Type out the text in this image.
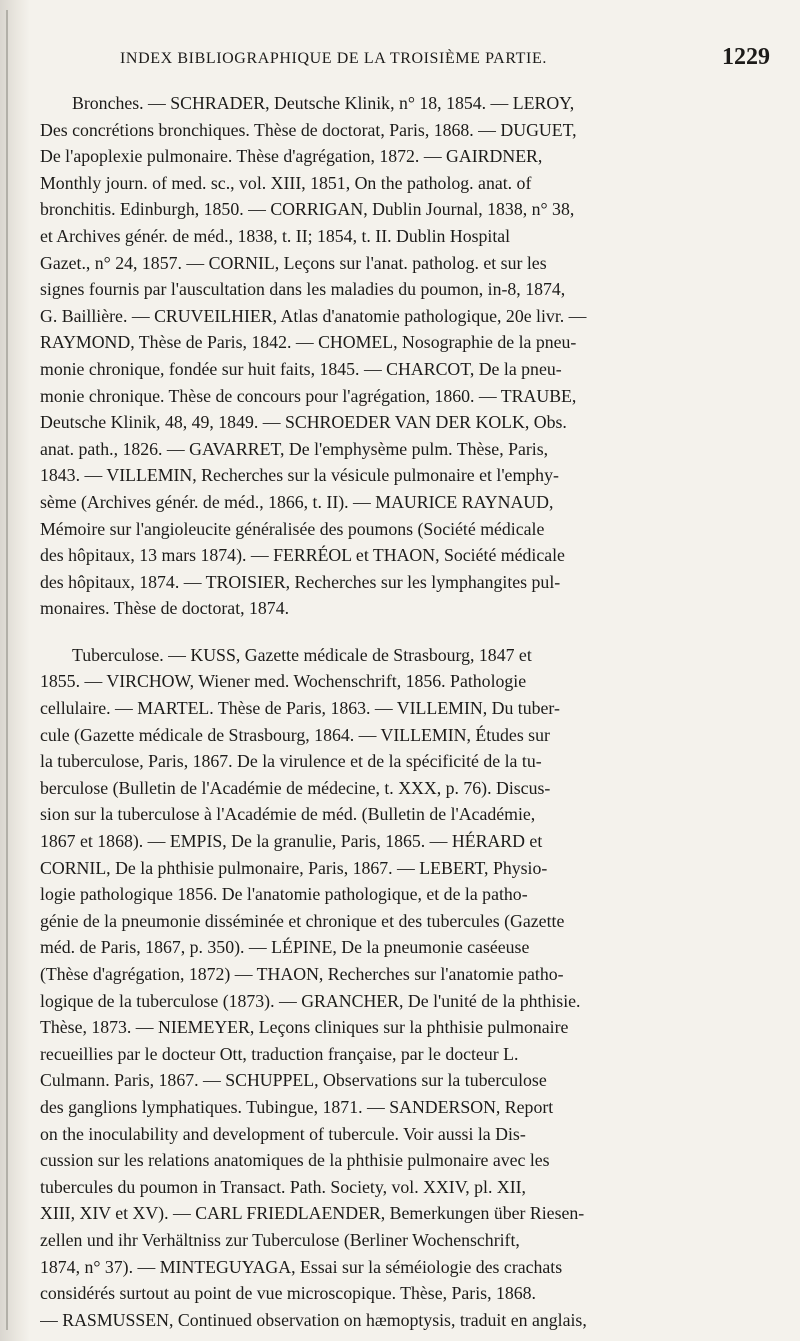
INDEX BIBLIOGRAPHIQUE DE LA TROISIÈME PARTIE.	1229
Bronches. — SCHRADER, Deutsche Klinik, n° 18, 1854. — LEROY,
Des concrétions bronchiques. Thèse de doctorat, Paris, 1868. — DUGUET,
De l'apoplexie pulmonaire. Thèse d'agrégation, 1872. — GAIRDNER,
Monthly journ. of med. sc., vol. XIII, 1851, On the patholog. anat. of
bronchitis. Edinburgh, 1850. — CORRIGAN, Dublin Journal, 1838, n° 38,
et Archives génér. de méd., 1838, t. II; 1854, t. II. Dublin Hospital
Gazet., n° 24, 1857. — CORNIL, Leçons sur l'anat. patholog. et sur les
signes fournis par l'auscultation dans les maladies du poumon, in-8, 1874,
G. Baillière. — CRUVEILHIER, Atlas d'anatomie pathologique, 20e livr. —
RAYMOND, Thèse de Paris, 1842. — CHOMEL, Nosographie de la pneu-
monie chronique, fondée sur huit faits, 1845. — CHARCOT, De la pneu-
monie chronique. Thèse de concours pour l'agrégation, 1860. — TRAUBE,
Deutsche Klinik, 48, 49, 1849. — SCHROEDER VAN DER KOLK, Obs.
anat. path., 1826. — GAVARRET, De l'emphysème pulm. Thèse, Paris,
1843. — VILLEMIN, Recherches sur la vésicule pulmonaire et l'emphy-
sème (Archives génér. de méd., 1866, t. II). — MAURICE RAYNAUD,
Mémoire sur l'angioleucite généralisée des poumons (Société médicale
des hôpitaux, 13 mars 1874). — FERRÉOL et THAON, Société médicale
des hôpitaux, 1874. — TROISIER, Recherches sur les lymphangites pul-
monaires. Thèse de doctorat, 1874.
Tuberculose. — KUSS, Gazette médicale de Strasbourg, 1847 et
1855. — VIRCHOW, Wiener med. Wochenschrift, 1856. Pathologie
cellulaire. — MARTEL. Thèse de Paris, 1863. — VILLEMIN, Du tuber-
cule (Gazette médicale de Strasbourg, 1864. — VILLEMIN, Études sur
la tuberculose, Paris, 1867. De la virulence et de la spécificité de la tu-
berculose (Bulletin de l'Académie de médecine, t. XXX, p. 76). Discus-
sion sur la tuberculose à l'Académie de méd. (Bulletin de l'Académie,
1867 et 1868). — EMPIS, De la granulie, Paris, 1865. — HÉRARD et
CORNIL, De la phthisie pulmonaire, Paris, 1867. — LEBERT, Physio-
logie pathologique 1856. De l'anatomie pathologique, et de la patho-
génie de la pneumonie disséminée et chronique et des tubercules (Gazette
méd. de Paris, 1867, p. 350). — LÉPINE, De la pneumonie caséeuse
(Thèse d'agrégation, 1872) — THAON, Recherches sur l'anatomie patho-
logique de la tuberculose (1873). — GRANCHER, De l'unité de la phthisie.
Thèse, 1873. — NIEMEYER, Leçons cliniques sur la phthisie pulmonaire
recueillies par le docteur Ott, traduction française, par le docteur L.
Culmann. Paris, 1867. — SCHUPPEL, Observations sur la tuberculose
des ganglions lymphatiques. Tubingue, 1871. — SANDERSON, Report
on the inoculability and development of tubercule. Voir aussi la Dis-
cussion sur les relations anatomiques de la phthisie pulmonaire avec les
tubercules du poumon in Transact. Path. Society, vol. XXIV, pl. XII,
XIII, XIV et XV). — CARL FRIEDLAENDER, Bemerkungen über Riesen-
zellen und ihr Verhältniss zur Tuberculose (Berliner Wochenschrift,
1874, n° 37). — MINTEGUYAGA, Essai sur la séméiologie des crachats
considérés surtout au point de vue microscopique. Thèse, Paris, 1868.
— RASMUSSEN, Continued observation on hæmoptysis, traduit en anglais,
